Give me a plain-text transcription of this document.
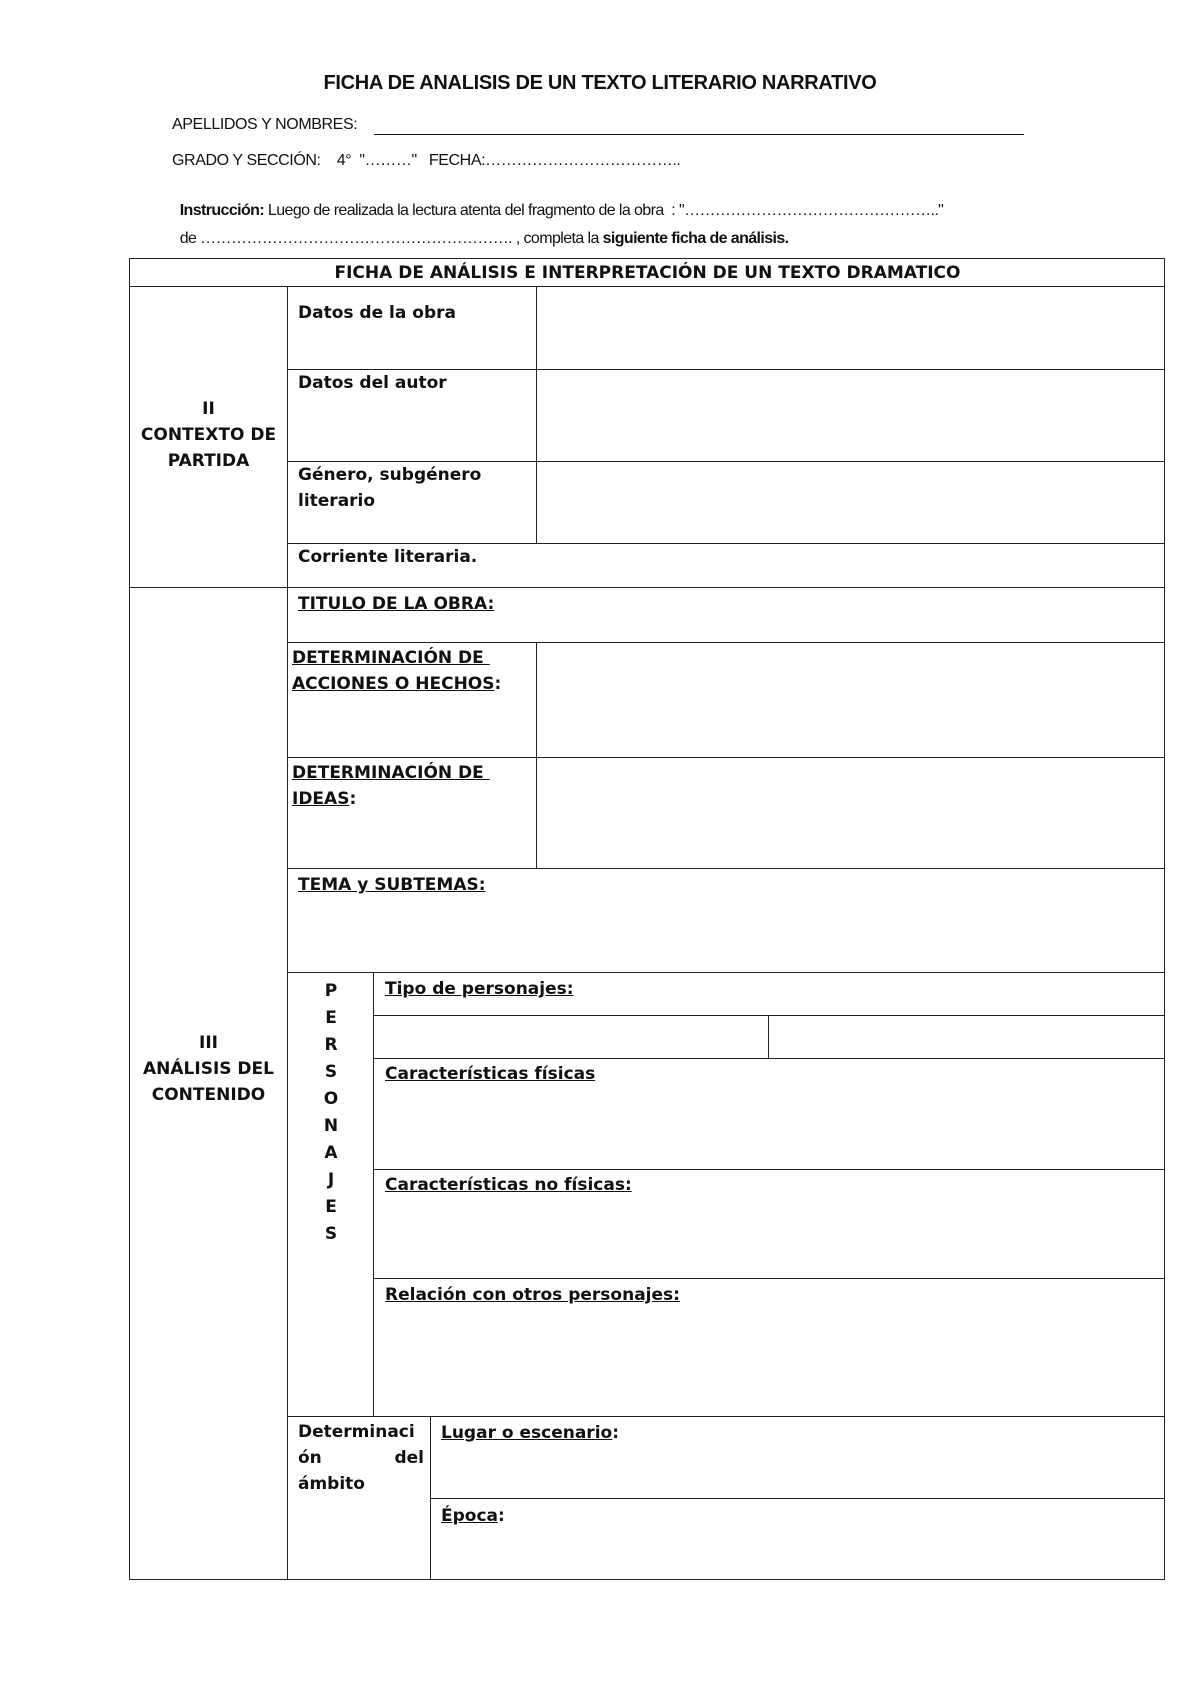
FICHA DE ANALISIS DE UN TEXTO LITERARIO NARRATIVO
APELLIDOS Y NOMBRES:
GRADO Y SECCIÓN:    4°  "………"   FECHA:………………………………..

Instrucción: Luego de realizada la lectura atenta del fragmento de la obra  : "………………………………………….."

de ……………………………………………………. , completa la siguiente ficha de análisis.

FICHA DE ANÁLISIS E INTERPRETACIÓN DE UN TEXTO DRAMATICO
II
CONTEXTO DE
PARTIDA
Datos de la obra
Datos del autor
Género, subgénero
literario
Corriente literaria.
III
ANÁLISIS DEL
CONTENIDO
TITULO DE LA OBRA:
DETERMINACIÓN DE
ACCIONES O HECHOS:
DETERMINACIÓN DE
IDEAS:
TEMA y SUBTEMAS:
P
E
R
S
O
N
A
J
E
S
Tipo de personajes:
Características físicas
Características no físicas:
Relación con otros personajes:
Determinaci
ón	del
ámbito
Lugar o escenario:
Época:
